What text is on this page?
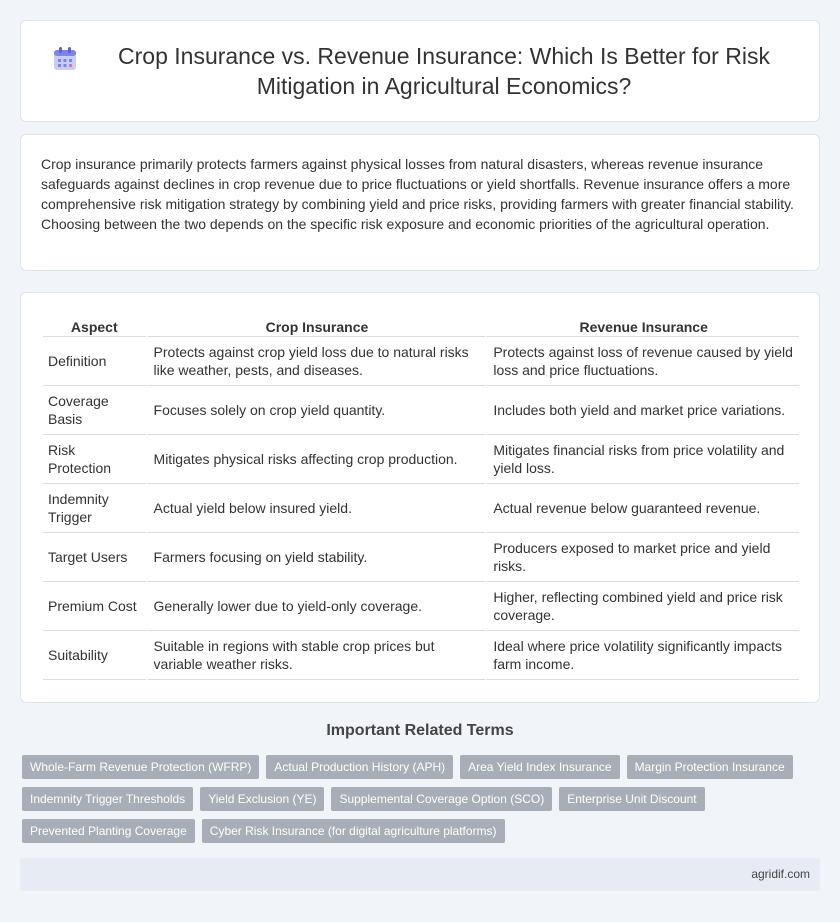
Crop Insurance vs. Revenue Insurance: Which Is Better for Risk Mitigation in Agricultural Economics?

Crop insurance primarily protects farmers against physical losses from natural disasters, whereas revenue insurance safeguards against declines in crop revenue due to price fluctuations or yield shortfalls. Revenue insurance offers a more comprehensive risk mitigation strategy by combining yield and price risks, providing farmers with greater financial stability. Choosing between the two depends on the specific risk exposure and economic priorities of the agricultural operation.

Aspect	Crop Insurance	Revenue Insurance
Definition	Protects against crop yield loss due to natural risks like weather, pests, and diseases.	Protects against loss of revenue caused by yield loss and price fluctuations.
Coverage Basis	Focuses solely on crop yield quantity.	Includes both yield and market price variations.
Risk Protection	Mitigates physical risks affecting crop production.	Mitigates financial risks from price volatility and yield loss.
Indemnity Trigger	Actual yield below insured yield.	Actual revenue below guaranteed revenue.
Target Users	Farmers focusing on yield stability.	Producers exposed to market price and yield risks.
Premium Cost	Generally lower due to yield-only coverage.	Higher, reflecting combined yield and price risk coverage.
Suitability	Suitable in regions with stable crop prices but variable weather risks.	Ideal where price volatility significantly impacts farm income.
Important Related Terms
Whole-Farm Revenue Protection (WFRP)	Actual Production History (APH)	Area Yield Index Insurance	Margin Protection Insurance
Indemnity Trigger Thresholds	Yield Exclusion (YE)	Supplemental Coverage Option (SCO)	Enterprise Unit Discount
Prevented Planting Coverage	Cyber Risk Insurance (for digital agriculture platforms)
agridif.com
